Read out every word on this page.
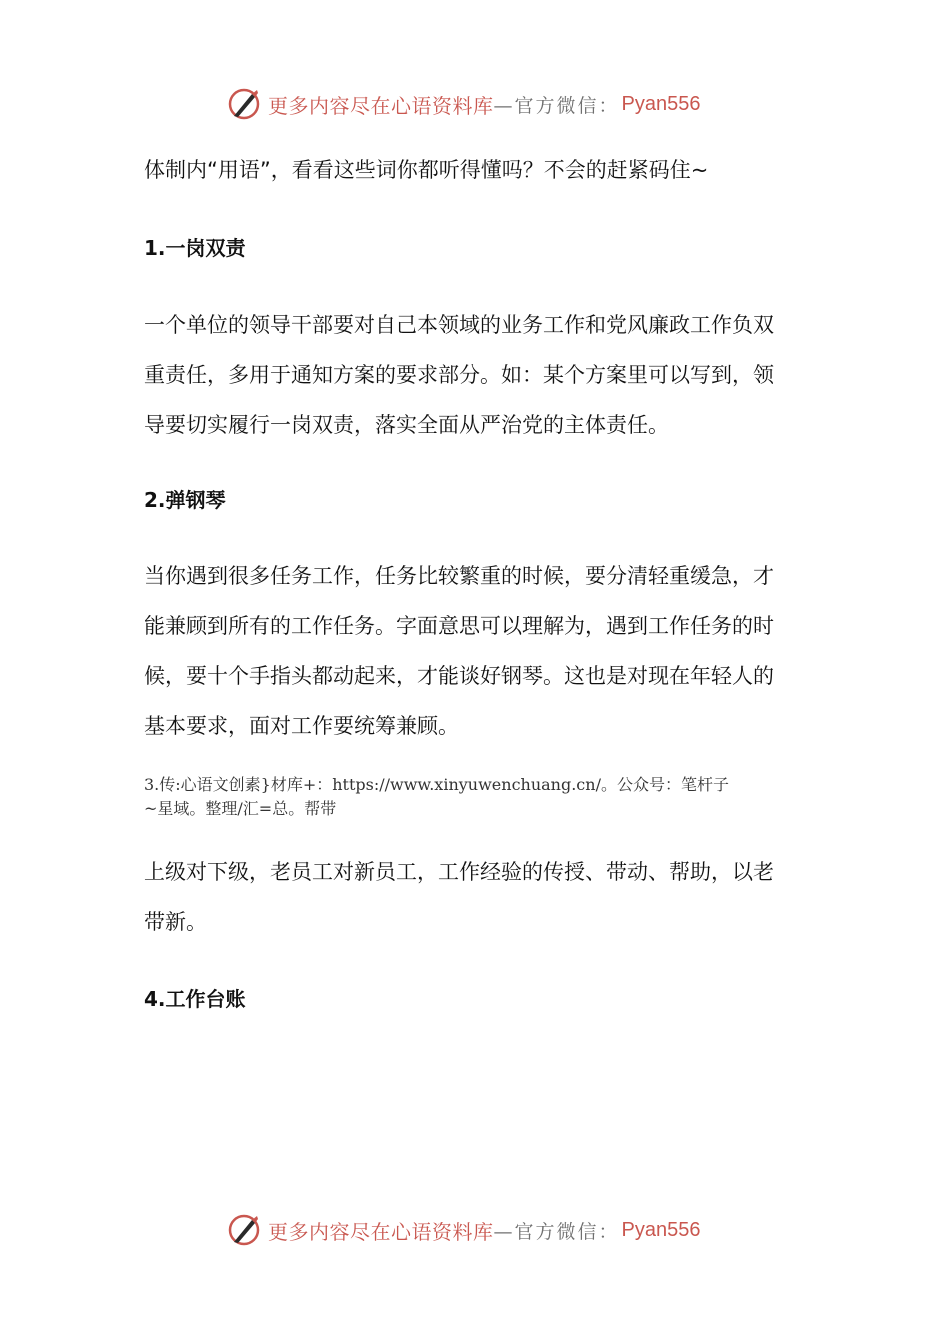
更多内容尽在心语资料库 —官方微信： Pyan556

体制内“用语”，看看这些词你都听得懂吗？不会的赶紧码住~

1.一岗双责

一个单位的领导干部要对自己本领域的业务工作和党风廉政工作负双

重责任，多用于通知方案的要求部分。如：某个方案里可以写到，领

导要切实履行一岗双责，落实全面从严治党的主体责任。

2.弹钢琴

当你遇到很多任务工作，任务比较繁重的时候，要分清轻重缓急，才

能兼顾到所有的工作任务。字面意思可以理解为，遇到工作任务的时

候，要十个手指头都动起来，才能谈好钢琴。这也是对现在年轻人的

基本要求，面对工作要统筹兼顾。

3.传:心语文创素}材库+：https://www.xinyuwenchuang.cn/。公众号：笔杆子

~星域。整理/汇=总。帮带

上级对下级，老员工对新员工，工作经验的传授、带动、帮助，以老

带新。

4.工作台账
更多内容尽在心语资料库 —官方微信： Pyan556
